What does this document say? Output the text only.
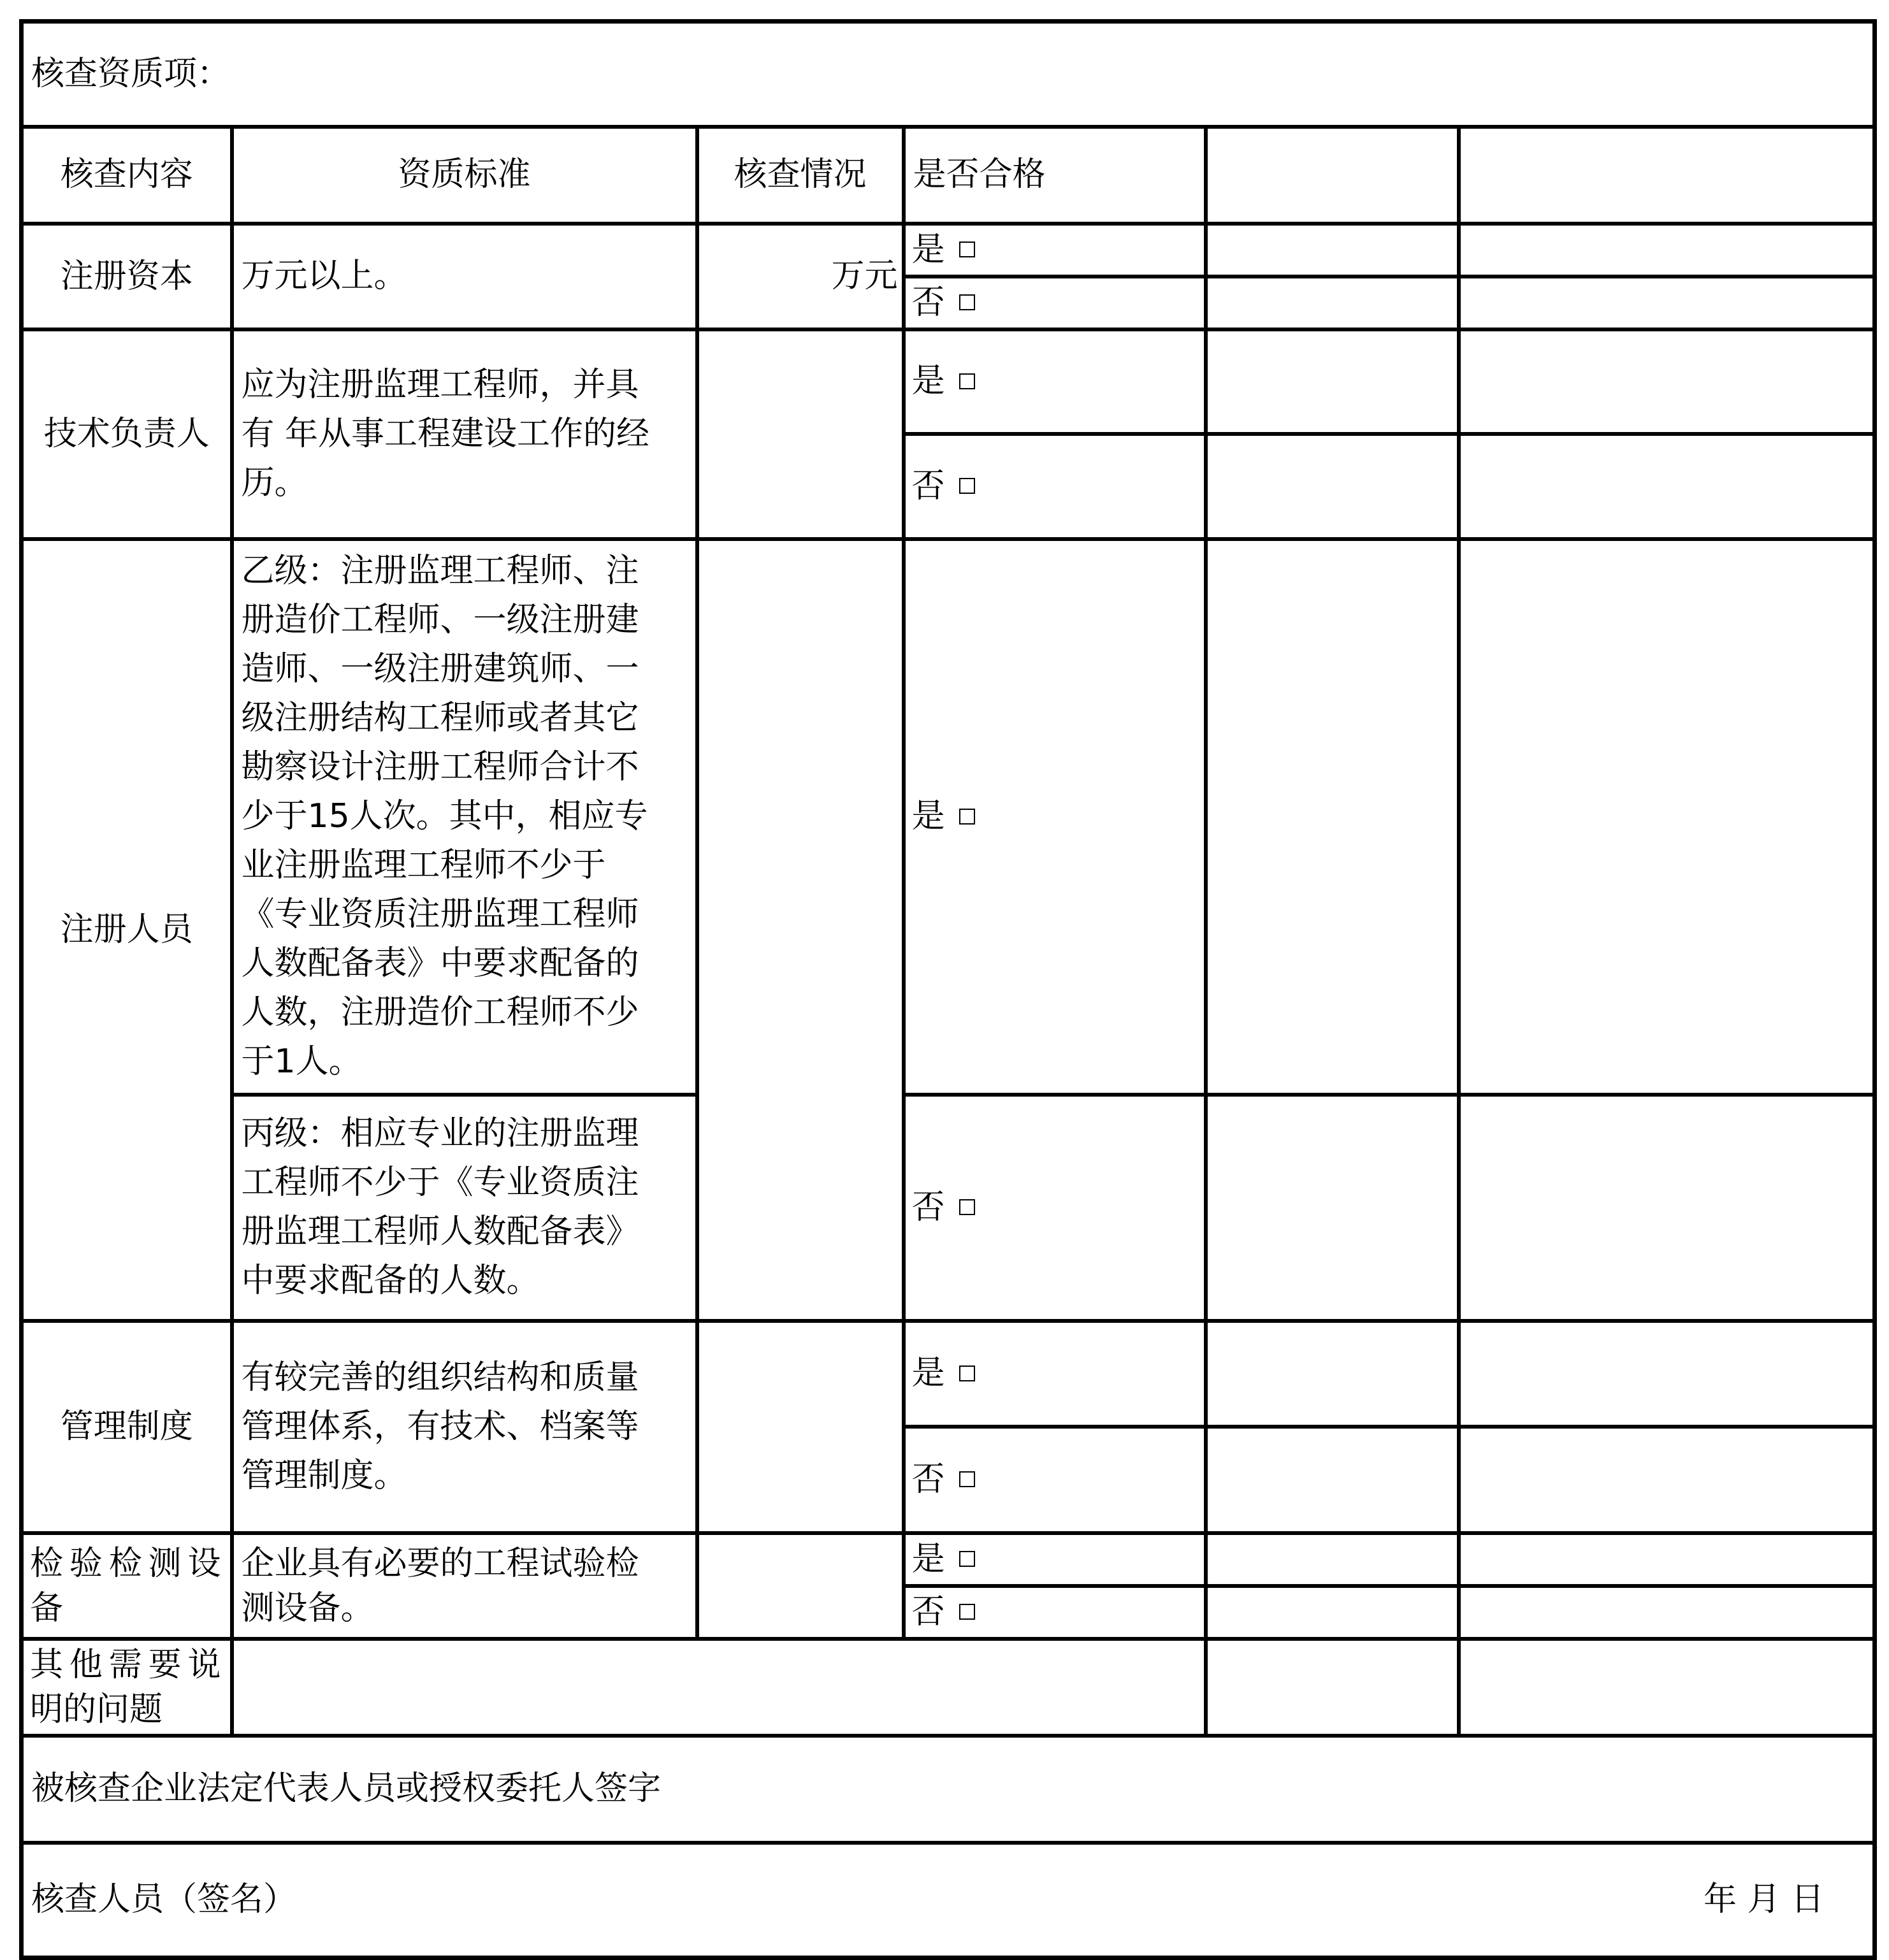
核查资质项：					
核查内容	资质标准	核查情况	是否合格		
注册资本	万元以上。	万元	是		
			否		
技术负责人	应为注册监理工程师，并具有 年从事工程建设工作的经历。		是		
			否		
注册人员	乙级：注册监理工程师、注册造价工程师、一级注册建造师、一级注册建筑师、一级注册结构工程师或者其它勘察设计注册工程师合计不少于15人次。其中，相应专业注册监理工程师不少于《专业资质注册监理工程师人数配备表》中要求配备的人数，注册造价工程师不少于1人。		是		
	丙级：相应专业的注册监理工程师不少于《专业资质注册监理工程师人数配备表》中要求配备的人数。		否		
管理制度	有较完善的组织结构和质量管理体系，有技术、档案等管理制度。		是		
			否		
检验检测设备	企业具有必要的工程试验检测设备。		是		
			否		
其他需要说明的问题					
被核查企业法定代表人员或授权委托人签字					

核查人员（签名） 年 月 日					
